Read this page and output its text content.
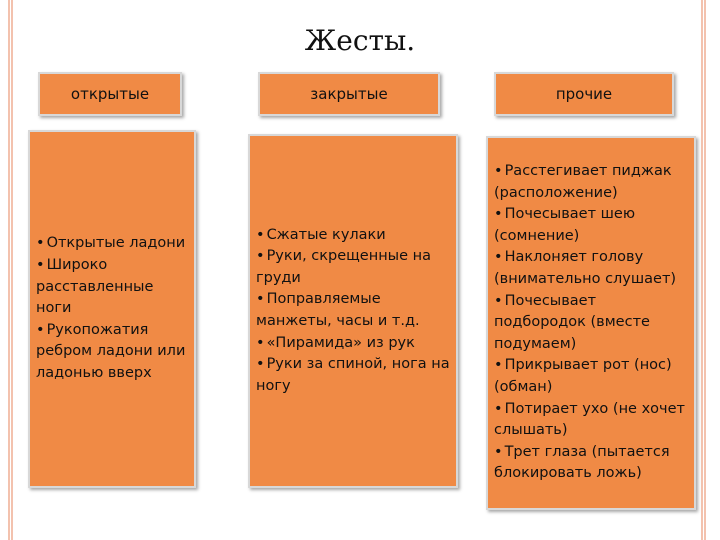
Жесты.
открытые
• Открытые ладони
• Широко расставленные ноги
• Рукопожатия ребром ладони или ладонью вверх
закрытые
• Сжатые кулаки
• Руки, скрещенные на груди
• Поправляемые манжеты, часы и т.д.
• «Пирамида» из рук
• Руки за спиной, нога на ногу
прочие
• Расстегивает пиджак (расположение)
• Почесывает шею (сомнение)
• Наклоняет голову (внимательно слушает)
• Почесывает подбородок (вместе подумаем)
• Прикрывает рот (нос) (обман)
• Потирает ухо (не хочет слышать)
• Трет глаза (пытается блокировать ложь)
